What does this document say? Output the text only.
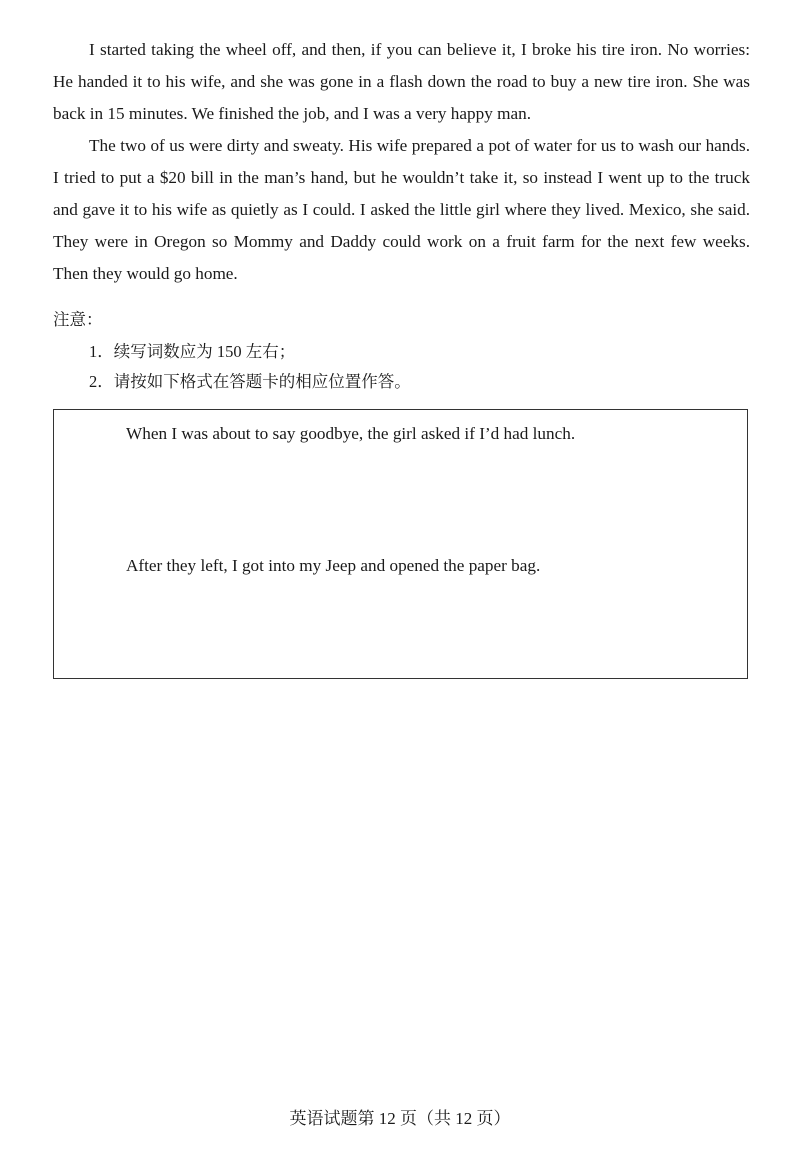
I started taking the wheel off, and then, if you can believe it, I broke his tire iron. No worries: He handed it to his wife, and she was gone in a flash down the road to buy a new tire iron. She was back in 15 minutes. We finished the job, and I was a very happy man.

The two of us were dirty and sweaty. His wife prepared a pot of water for us to wash our hands. I tried to put a $20 bill in the man’s hand, but he wouldn’t take it, so instead I went up to the truck and gave it to his wife as quietly as I could. I asked the little girl where they lived. Mexico, she said. They were in Oregon so Mommy and Daddy could work on a fruit farm for the next few weeks. Then they would go home.

注意：
1．续写词数应为 150 左右；
2．请按如下格式在答题卡的相应位置作答。
When I was about to say goodbye, the girl asked if I’d had lunch.
After they left, I got into my Jeep and opened the paper bag.
英语试题第 12 页（共 12 页）
